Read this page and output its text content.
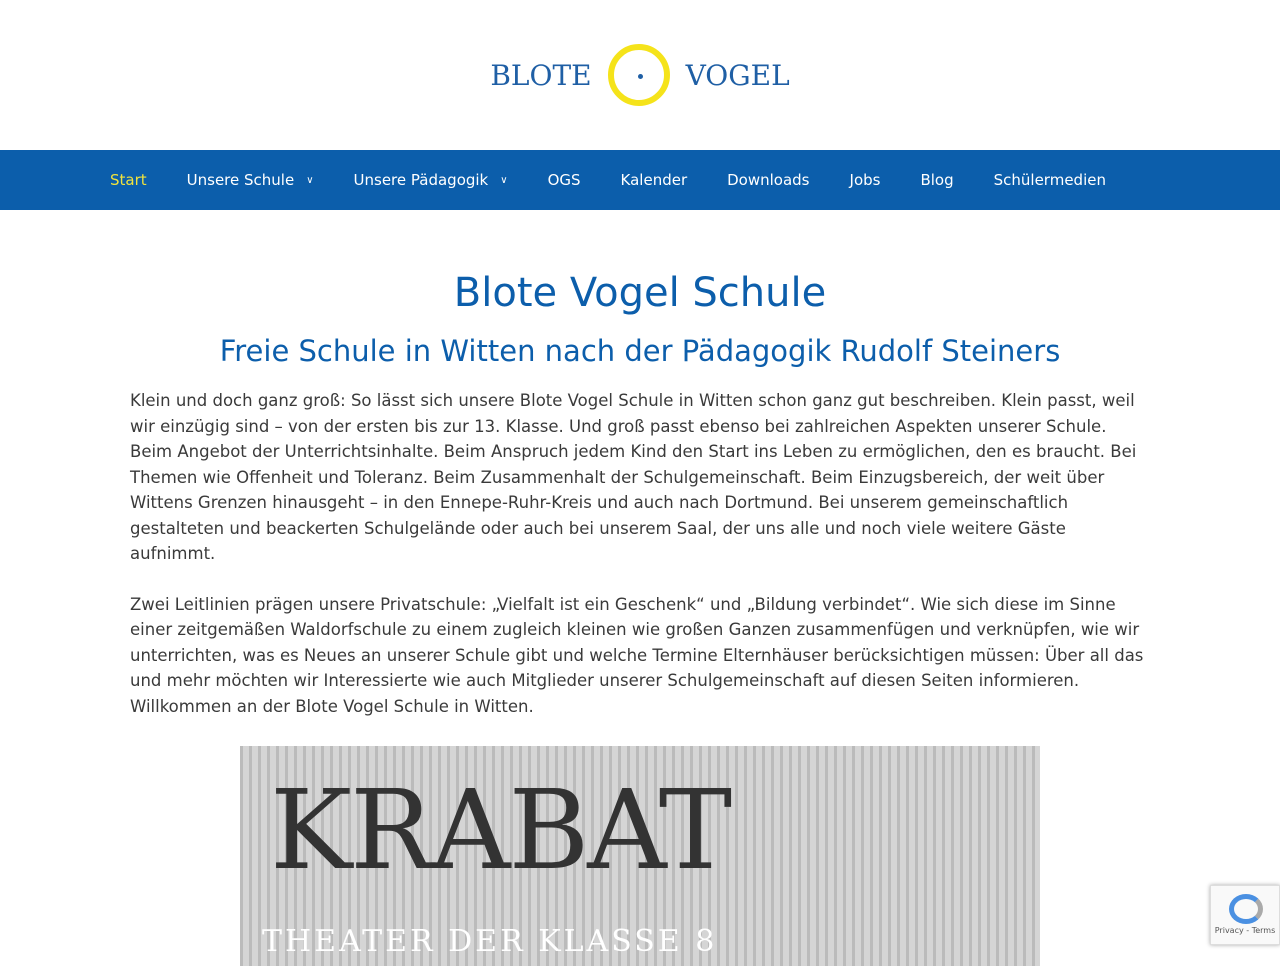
BLOTE	VOGEL
Start	Unsere Schule ∨	Unsere Pädagogik ∨	OGS	Kalender	Downloads	Jobs	Blog	Schülermedien
Blote Vogel Schule
Freie Schule in Witten nach der Pädagogik Rudolf Steiners

Klein und doch ganz groß: So lässt sich unsere Blote Vogel Schule in Witten schon ganz gut beschreiben. Klein passt, weil wir einzügig sind – von der ersten bis zur 13. Klasse. Und groß passt ebenso bei zahlreichen Aspekten unserer Schule. Beim Angebot der Unterrichtsinhalte. Beim Anspruch jedem Kind den Start ins Leben zu ermöglichen, den es braucht. Bei Themen wie Offenheit und Toleranz. Beim Zusammenhalt der Schulgemeinschaft. Beim Einzugsbereich, der weit über Wittens Grenzen hinausgeht – in den Ennepe-Ruhr-Kreis und auch nach Dortmund. Bei unserem gemeinschaftlich gestalteten und beackerten Schulgelände oder auch bei unserem Saal, der uns alle und noch viele weitere Gäste aufnimmt.

Zwei Leitlinien prägen unsere Privatschule: „Vielfalt ist ein Geschenk“ und „Bildung verbindet“. Wie sich diese im Sinne einer zeitgemäßen Waldorfschule zu einem zugleich kleinen wie großen Ganzen zusammenfügen und verknüpfen, wie wir unterrichten, was es Neues an unserer Schule gibt und welche Termine Elternhäuser berücksichtigen müssen: Über all das und mehr möchten wir Interessierte wie auch Mitglieder unserer Schulgemeinschaft auf diesen Seiten informieren. Willkommen an der Blote Vogel Schule in Witten.

KRABAT
THEATER DER KLASSE 8	Privacy - Terms
